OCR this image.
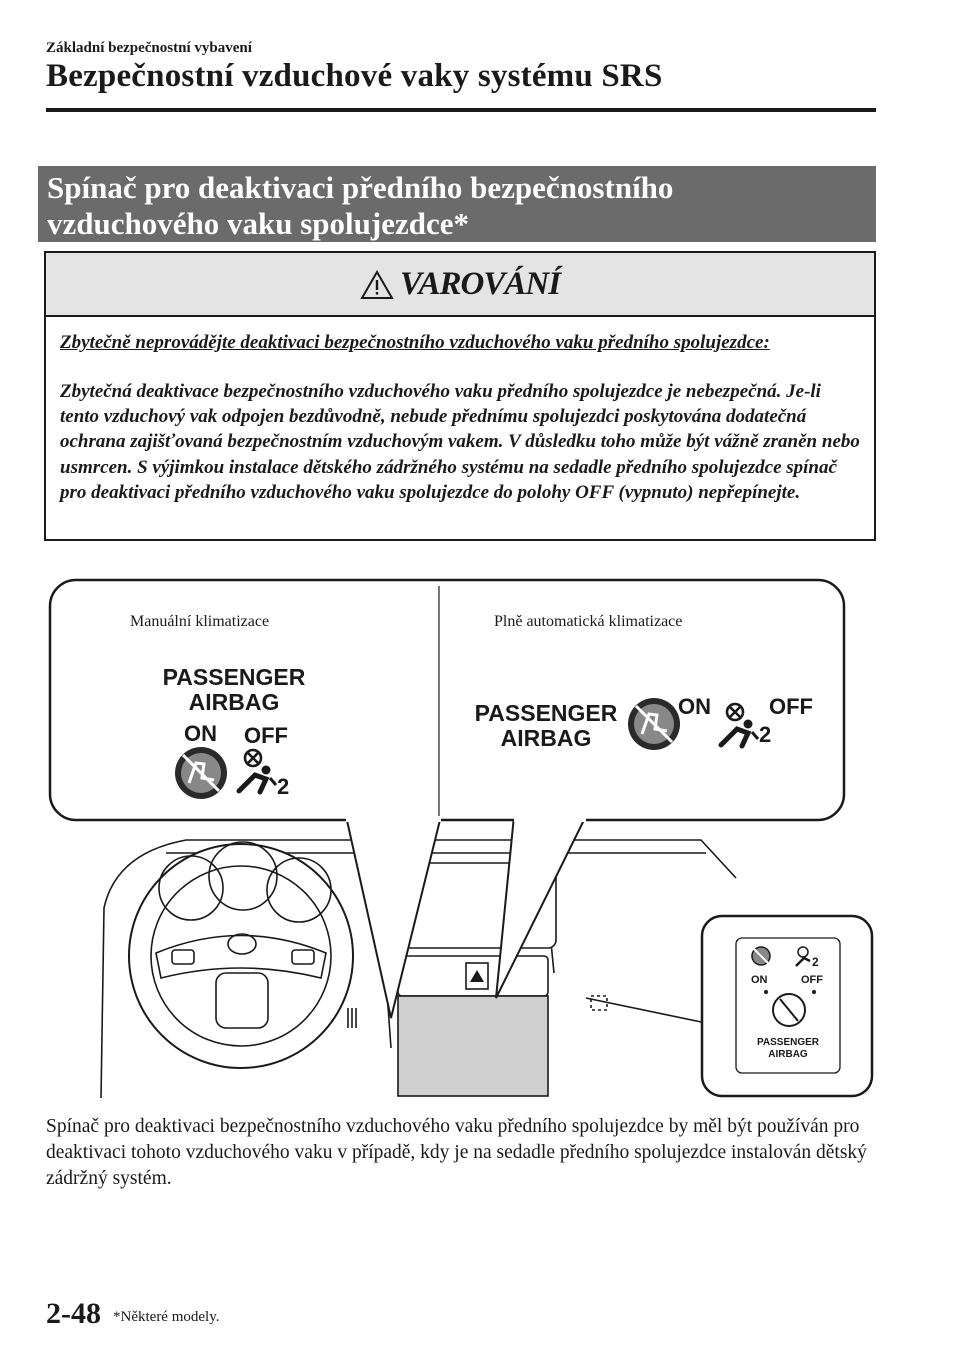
Základní bezpečnostní vybavení
Bezpečnostní vzduchové vaky systému SRS
Spínač pro deaktivaci předního bezpečnostního
vzduchového vaku spolujezdce*
VAROVÁNÍ
Zbytečně neprovádějte deaktivaci bezpečnostního vzduchového vaku předního spolujezdce:
Zbytečná deaktivace bezpečnostního vzduchového vaku předního spolujezdce je nebezpečná. Je-li tento vzduchový vak odpojen bezdůvodně, nebude přednímu spolujezdci poskytována dodatečná ochrana zajišťovaná bezpečnostním vzduchovým vakem. V důsledku toho může být vážně zraněn nebo usmrcen. S výjimkou instalace dětského zádržného systému na sedadle předního spolujezdce spínač pro deaktivaci předního vzduchového vaku spolujezdce do polohy OFF (vypnuto) nepřepínejte.
Manuální klimatizace	Plně automatická klimatizace
PASSENGER
AIRBAG
ON OFF
2
PASSENGER
AIRBAG
ON
2
OFF
2
ON	OFF
PASSENGER
AIRBAG
Spínač pro deaktivaci bezpečnostního vzduchového vaku předního spolujezdce by měl být používán pro deaktivaci tohoto vzduchového vaku v případě, kdy je na sedadle předního spolujezdce instalován dětský zádržný systém.
2-48 *Některé modely.
